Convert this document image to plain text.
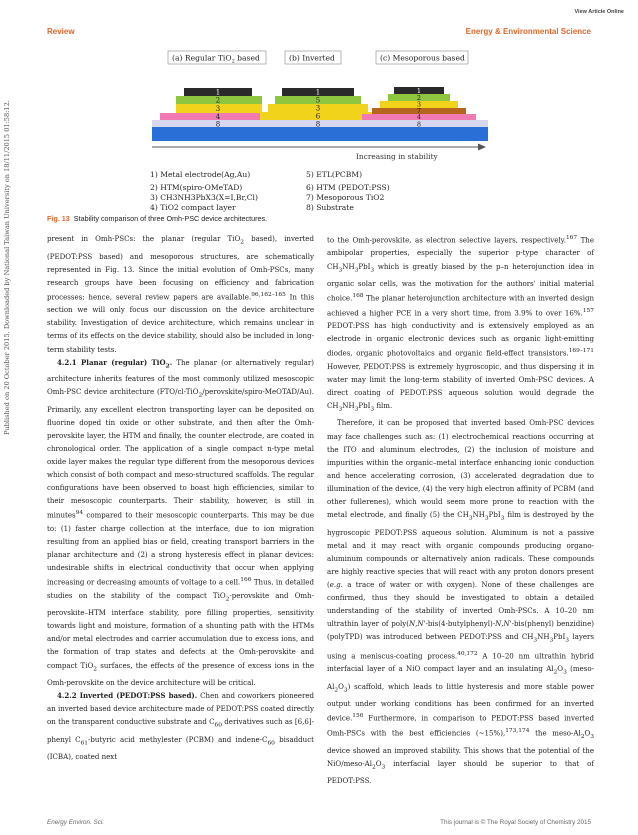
View Article Online
Review	Energy & Environmental Science
Published on 20 October 2015. Downloaded by National Taiwan University on 18/11/2015 01:58:12.
(a) Regular TiO$_2$ based	(b) Inverted	(c) Mesoporous based
1
2
3
4
8
1
5
3
6
8
1
2
3
7
4
8
Increasing in stability
1) Metal electrode(Ag,Au)
2) HTM(spiro-OMeTAD)
5) ETL(PCBM)
6) HTM (PEDOT:PSS)
3) CH3NH3PbX3(X=I,Br,Cl)	7) Mesoporous TiO2
Fig. 13 Stability comparison of three Omh-PSC device architectures.
4) TiO2 compact layer	8) Substrate

present in Omh-PSCs: the planar (regular TiO$_2$ based), inverted (PEDOT:PSS based) and mesoporous structures, are schematically represented in Fig. 13. Since the initial evolution of Omh-PSCs, many research groups have been focusing on efficiency and fabrication processes; hence, several review papers are available.$^{96,162-165}$ In this section we will only focus our discussion on the device architecture stability. Investigation of device architecture, which remains unclear in terms of its effects on the device stability, should also be included in long-term stability tests.

4.2.1 Planar (regular) TiO$_2$. The planar (or alternatively regular) architecture inherits features of the most commonly utilized mesoscopic Omh-PSC device architecture (FTO/cl-TiO$_2$/perovskite/spiro-MeOTAD/Au). Primarily, any excellent electron transporting layer can be deposited on fluorine doped tin oxide or other substrate, and then after the Omh-perovskite layer, the HTM and finally, the counter electrode, are coated in chronological order. The application of a single compact n-type metal oxide layer makes the regular type different from the mesoporous devices which consist of both compact and meso-structured scaffolds. The regular configurations have been observed to boast high efficiencies, similar to their mesoscopic counterparts. Their stability, however, is still in minutes$^{94}$ compared to their mesoscopic counterparts. This may be due to: (1) faster charge collection at the interface, due to ion migration resulting from an applied bias or field, creating transport barriers in the planar architecture and (2) a strong hysteresis effect in planar devices: undesirable shifts in electrical conductivity that occur when applying increasing or decreasing amounts of voltage to a cell.$^{166}$ Thus, in detailed studies on the stability of the compact TiO$_2$-perovskite and Omh-perovskite–HTM interface stability, pore filling properties, sensitivity towards light and moisture, formation of a shunting path with the HTMs and/or metal electrodes and carrier accumulation due to excess ions, and the formation of trap states and defects at the Omh-perovskite and compact TiO$_2$ surfaces, the effects of the presence of excess ions in the Omh-perovskite on the device architecture will be critical.

4.2.2 Inverted (PEDOT:PSS based). Chen and coworkers pioneered an inverted based device architecture made of PEDOT:PSS coated directly on the transparent conductive substrate and $C_{60}$ derivatives such as [6,6]-phenyl $C_{61}$-butyric acid methylester (PCBM) and indene-$C_{60}$ bisadduct (ICBA), coated next

to the Omh-perovskite, as electron selective layers, respectively.$^{167}$ The ambipolar properties, especially the superior p-type character of $CH_3NH_3PbI_3$ which is greatly biased by the p–n heterojunction idea in organic solar cells, was the motivation for the authors' initial material choice.$^{168}$ The planar heterojunction architecture with an inverted design achieved a higher PCE in a very short time, from 3.9% to over 16%.$^{157}$ PEDOT:PSS has high conductivity and is extensively employed as an electrode in organic electronic devices such as organic light-emitting diodes, organic photovoltaics and organic field-effect transistors.$^{169-171}$ However, PEDOT:PSS is extremely hygroscopic, and thus dispersing it in water may limit the long-term stability of inverted Omh-PSC devices. A direct coating of PEDOT:PSS aqueous solution would degrade the $CH_3NH_3PbI_3$ film.

Therefore, it can be proposed that inverted based Omh-PSC devices may face challenges such as: (1) electrochemical reactions occurring at the ITO and aluminum electrodes, (2) the inclusion of moisture and impurities within the organic–metal interface enhancing ionic conduction and hence accelerating corrosion, (3) accelerated degradation due to illumination of the device, (4) the very high electron affinity of PCBM (and other fullerenes), which would seem more prone to reaction with the metal electrode, and finally (5) the $CH_3NH_3PbI_3$ film is destroyed by the hygroscopic PEDOT:PSS aqueous solution. Aluminum is not a passive metal and it may react with organic compounds producing organo-aluminum compounds or alternatively anion radicals. These compounds are highly reactive species that will react with any proton donors present (e.g. a trace of water or with oxygen). None of these challenges are confirmed, thus they should be investigated to obtain a detailed understanding of the stability of inverted Omh-PSCs. A 10–20 nm ultrathin layer of poly(N,N'-bis(4-butylphenyl)-N,N'-bis(phenyl) benzidine)(polyTPD) was introduced between PEDOT:PSS and $CH_3NH_3PbI_3$ layers using a meniscus-coating process.$^{40,172}$ A 10–20 nm ultrathin hybrid interfacial layer of a NiO compact layer and an insulating $Al_2O_3$ $(meso-Al_2O_3)$ scaffold, which leads to little hysteresis and more stable power output under working conditions has been confirmed for an inverted device.$^{156}$ Furthermore, in comparison to PEDOT:PSS based inverted Omh-PSCs with the best efficiencies (~15%),$^{173,174}$ the meso-$Al_2O_3$ device showed an improved stability. This shows that the potential of the NiO/$meso-Al_2O_3$ interfacial layer should be superior to that of PEDOT:PSS.

Energy Environ. Sci.	This journal is © The Royal Society of Chemistry 2015
